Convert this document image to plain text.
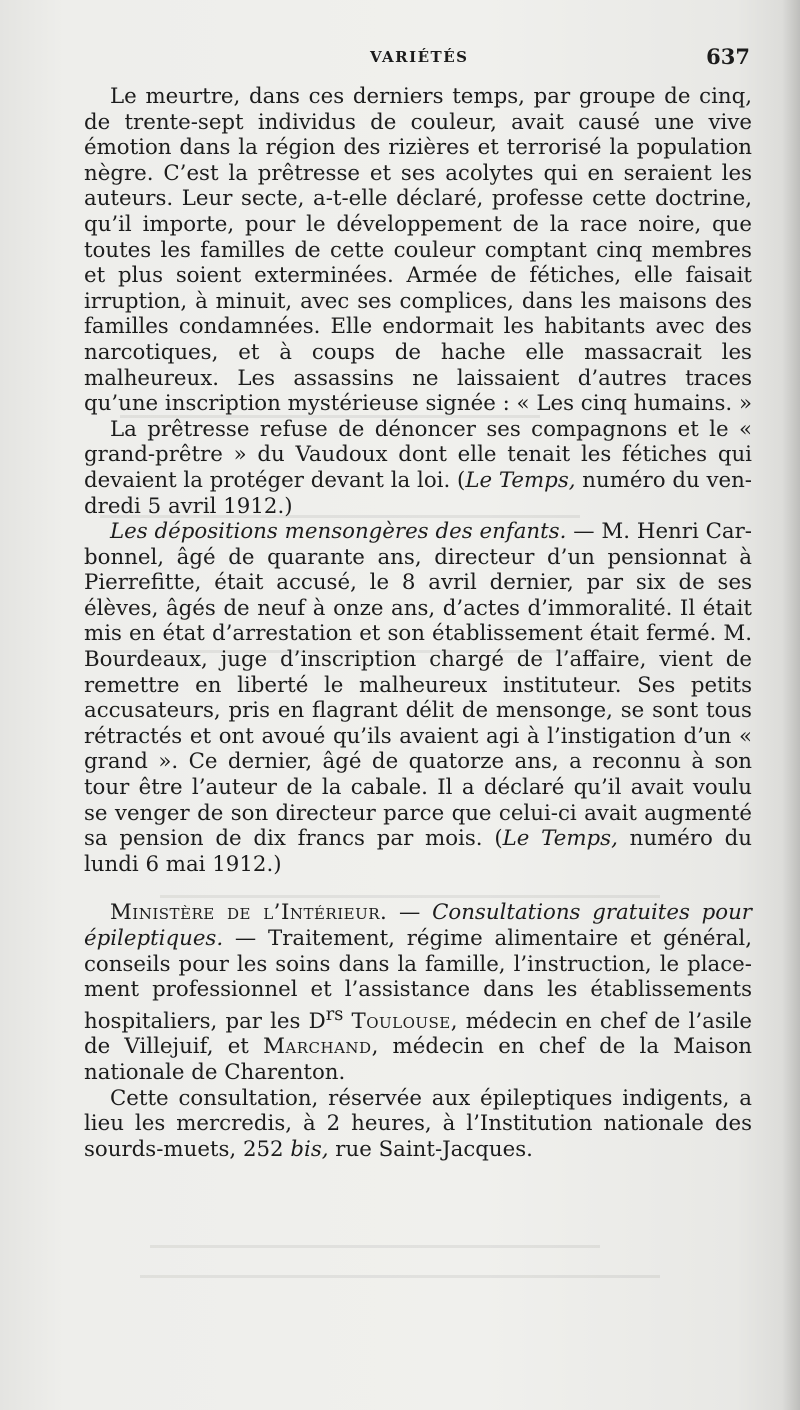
VARIÉTÉS	637

Le meurtre, dans ces derniers temps, par groupe de cinq, de trente-sept individus de couleur, avait causé une vive émotion dans la région des rizières et terrorisé la population nègre. C’est la prêtresse et ses acolytes qui en seraient les auteurs. Leur secte, a-t-elle déclaré, professe cette doctrine, qu’il importe, pour le développement de la race noire, que toutes les familles de cette couleur comptant cinq membres et plus soient exterminées. Armée de fétiches, elle faisait irruption, à minuit, avec ses complices, dans les maisons des familles condamnées. Elle endormait les habitants avec des narcotiques, et à coups de hache elle massacrait les malheureux. Les assassins ne laissaient d’autres traces qu’une inscription mystérieuse signée : « Les cinq humains. »

La prêtresse refuse de dénoncer ses compagnons et le « grand-prêtre » du Vaudoux dont elle tenait les fétiches qui devaient la protéger devant la loi. (Le Temps, numéro du vendredi 5 avril 1912.)

Les dépositions mensongères des enfants. — M. Henri Carbonnel, âgé de quarante ans, directeur d’un pensionnat à Pierrefitte, était accusé, le 8 avril dernier, par six de ses élèves, âgés de neuf à onze ans, d’actes d’immoralité. Il était mis en état d’arrestation et son établissement était fermé. M. Bourdeaux, juge d’inscription chargé de l’affaire, vient de remettre en liberté le malheureux instituteur. Ses petits accusateurs, pris en flagrant délit de mensonge, se sont tous rétractés et ont avoué qu’ils avaient agi à l’instigation d’un « grand ». Ce dernier, âgé de quatorze ans, a reconnu à son tour être l’auteur de la cabale. Il a déclaré qu’il avait voulu se venger de son directeur parce que celui-ci avait augmenté sa pension de dix francs par mois. (Le Temps, numéro du lundi 6 mai 1912.)

Ministère de l’Intérieur. — Consultations gratuites pour épileptiques. — Traitement, régime alimentaire et général, conseils pour les soins dans la famille, l’instruction, le placement professionnel et l’assistance dans les établissements hospitaliers, par les $D^{rs}$ Toulouse, médecin en chef de l’asile de Villejuif, et Marchand, médecin en chef de la Maison nationale de Charenton.

Cette consultation, réservée aux épileptiques indigents, a lieu les mercredis, à 2 heures, à l’Institution nationale des sourds-muets, 252 bis, rue Saint-Jacques.
